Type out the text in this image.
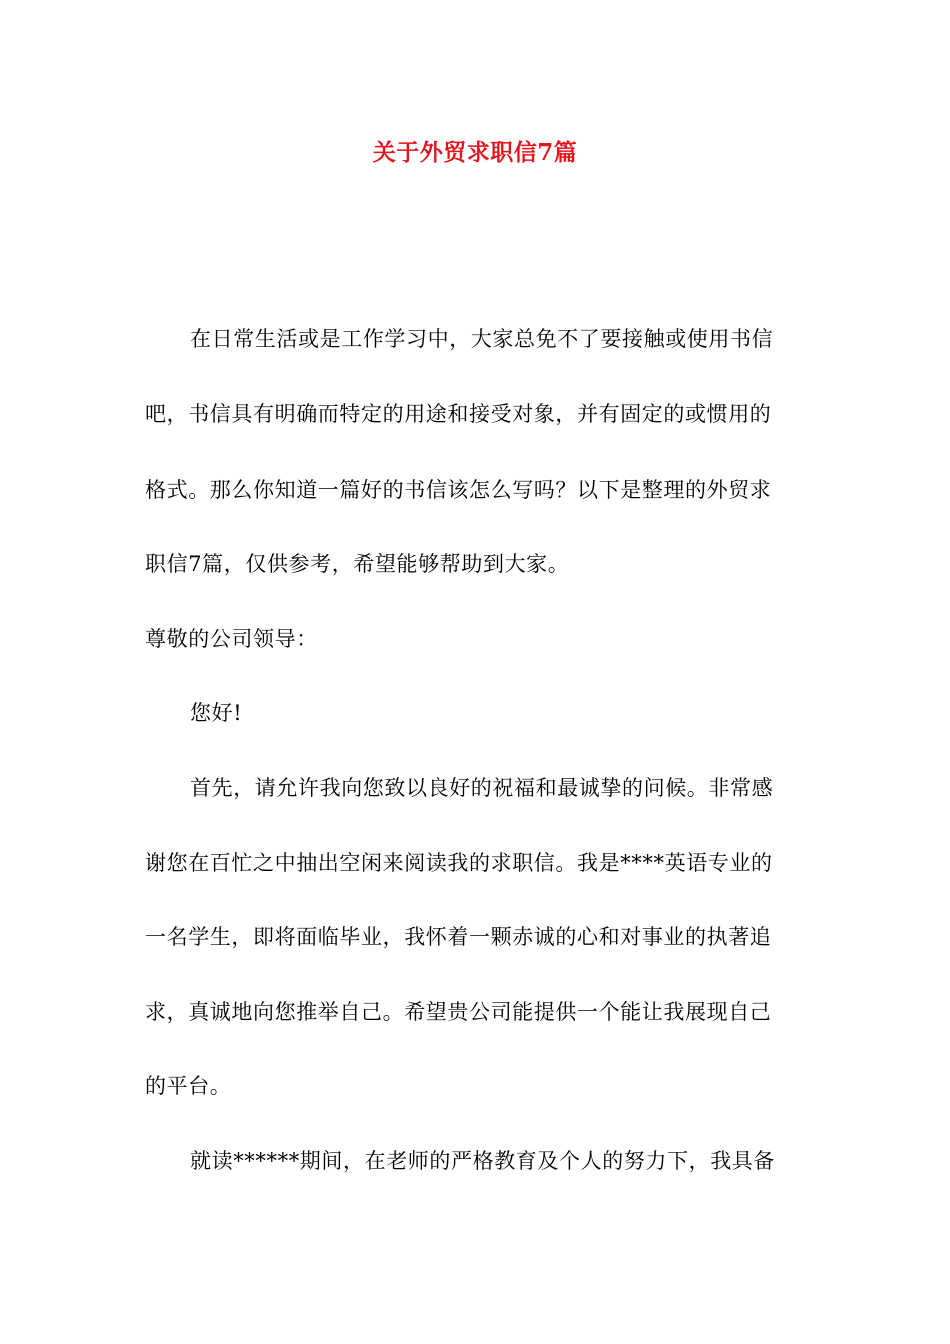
关于外贸求职信7篇
在日常生活或是工作学习中，大家总免不了要接触或使用书信
吧，书信具有明确而特定的用途和接受对象，并有固定的或惯用的
格式。那么你知道一篇好的书信该怎么写吗？以下是整理的外贸求
职信7篇，仅供参考，希望能够帮助到大家。
尊敬的公司领导：
您好!
首先，请允许我向您致以良好的祝福和最诚挚的问候。非常感
谢您在百忙之中抽出空闲来阅读我的求职信。我是****英语专业的
一名学生，即将面临毕业，我怀着一颗赤诚的心和对事业的执著追
求，真诚地向您推举自己。希望贵公司能提供一个能让我展现自己
的平台。
就读******期间，在老师的严格教育及个人的努力下，我具备
